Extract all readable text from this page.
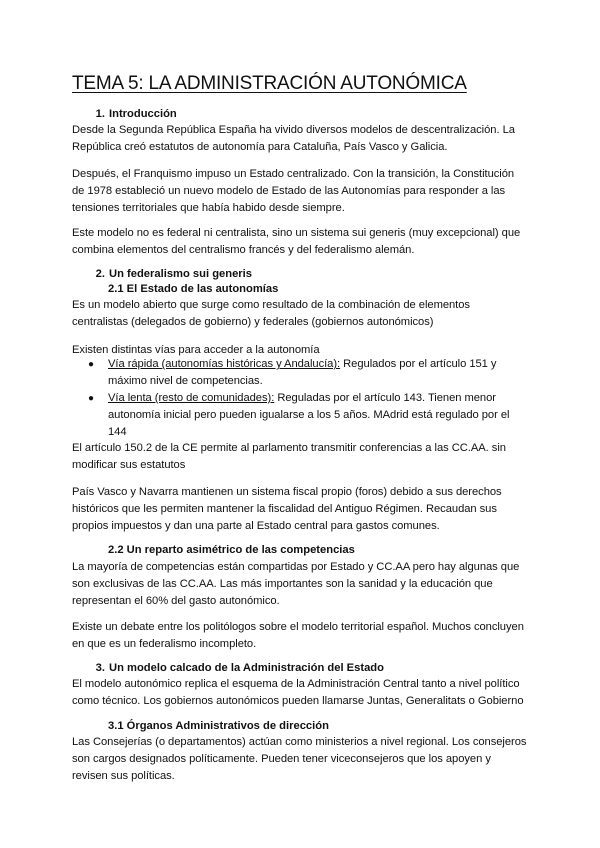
TEMA 5: LA ADMINISTRACIÓN AUTONÓMICA
1. Introducción
Desde la Segunda República España ha vivido diversos modelos de descentralización. La
República creó estatutos de autonomía para Cataluña, País Vasco y Galicia.
Después, el Franquismo impuso un Estado centralizado. Con la transición, la Constitución
de 1978 estableció un nuevo modelo de Estado de las Autonomías para responder a las
tensiones territoriales que había habido desde siempre.
Este modelo no es federal ni centralista, sino un sistema sui generis (muy excepcional) que
combina elementos del centralismo francés y del federalismo alemán.
2. Un federalismo sui generis
2.1 El Estado de las autonomías
Es un modelo abierto que surge como resultado de la combinación de elementos
centralistas (delegados de gobierno) y federales (gobiernos autonómicos)
Existen distintas vías para acceder a la autonomía
● Vía rápida (autonomías históricas y Andalucía): Regulados por el artículo 151 y
máximo nivel de competencias.
● Vía lenta (resto de comunidades): Reguladas por el artículo 143. Tienen menor
autonomía inicial pero pueden igualarse a los 5 años. MAdrid está regulado por el
144
El artículo 150.2 de la CE permite al parlamento transmitir conferencias a las CC.AA. sin
modificar sus estatutos
País Vasco y Navarra mantienen un sistema fiscal propio (foros) debido a sus derechos
históricos que les permiten mantener la fiscalidad del Antiguo Régimen. Recaudan sus
propios impuestos y dan una parte al Estado central para gastos comunes.
2.2 Un reparto asimétrico de las competencias
La mayoría de competencias están compartidas por Estado y CC.AA pero hay algunas que
son exclusivas de las CC.AA. Las más importantes son la sanidad y la educación que
representan el 60% del gasto autonómico.
Existe un debate entre los politólogos sobre el modelo territorial español. Muchos concluyen
en que es un federalismo incompleto.
3. Un modelo calcado de la Administración del Estado
El modelo autonómico replica el esquema de la Administración Central tanto a nivel político
como técnico. Los gobiernos autonómicos pueden llamarse Juntas, Generalitats o Gobierno
3.1 Órganos Administrativos de dirección
Las Consejerías (o departamentos) actúan como ministerios a nivel regional. Los consejeros
son cargos designados políticamente. Pueden tener viceconsejeros que los apoyen y
revisen sus políticas.
